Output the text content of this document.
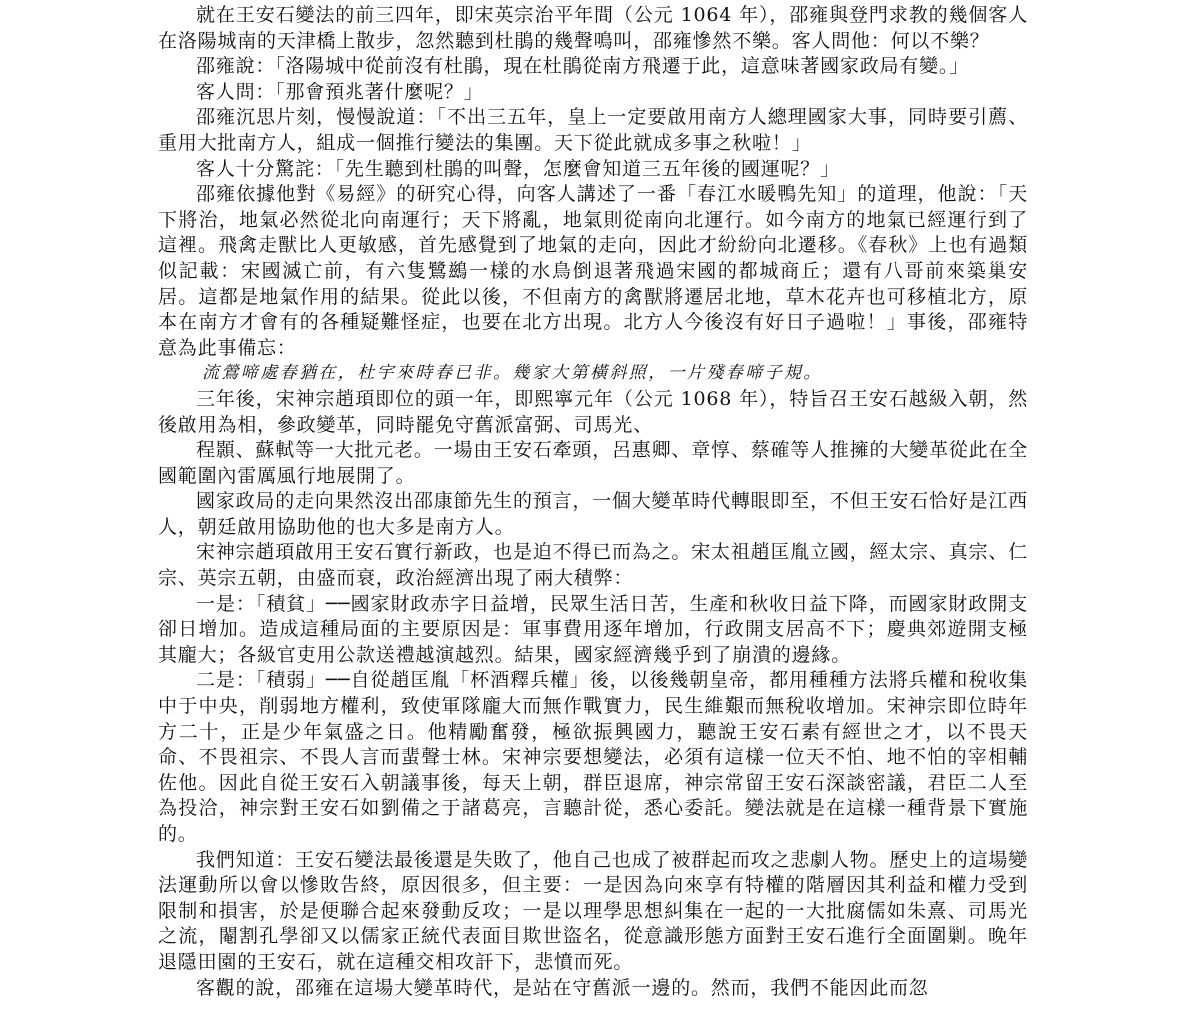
就在王安石變法的前三四年，即宋英宗治平年間（公元 1064 年），邵雍與登門求教的幾個客人在洛陽城南的天津橋上散步，忽然聽到杜鵑的幾聲鳴叫，邵雍慘然不樂。客人問他：何以不樂？

邵雍說：「洛陽城中從前沒有杜鵑，現在杜鵑從南方飛遷于此，這意味著國家政局有變。」

客人問：「那會預兆著什麼呢？」

邵雍沉思片刻，慢慢說道：「不出三五年，皇上一定要啟用南方人總理國家大事，同時要引薦、重用大批南方人，組成一個推行變法的集團。天下從此就成多事之秋啦！」

客人十分驚詫：「先生聽到杜鵑的叫聲，怎麼會知道三五年後的國運呢？」

邵雍依據他對《易經》的研究心得，向客人講述了一番「春江水暖鴨先知」的道理，他說：「天下將治，地氣必然從北向南運行；天下將亂，地氣則從南向北運行。如今南方的地氣已經運行到了這裡。飛禽走獸比人更敏感，首先感覺到了地氣的走向，因此才紛紛向北遷移。《春秋》上也有過類似記載：宋國滅亡前，有六隻鷺鷀一樣的水鳥倒退著飛過宋國的都城商丘；還有八哥前來築巢安居。這都是地氣作用的結果。從此以後，不但南方的禽獸將遷居北地，草木花卉也可移植北方，原本在南方才會有的各種疑難怪症，也要在北方出現。北方人今後沒有好日子過啦！」事後，邵雍特意為此事備忘：

流鶯啼處春猶在，杜宇來時春已非。幾家大第橫斜照，一片殘春啼子規。

三年後，宋神宗趙頊即位的頭一年，即熙寧元年（公元 1068 年），特旨召王安石越級入朝，然後啟用為相，參政變革，同時罷免守舊派富弼、司馬光、

程顥、蘇軾等一大批元老。一場由王安石牽頭，呂惠卿、章惇、蔡確等人推擁的大變革從此在全國範圍內雷厲風行地展開了。

國家政局的走向果然沒出邵康節先生的預言，一個大變革時代轉眼即至，不但王安石恰好是江西人，朝廷啟用協助他的也大多是南方人。

宋神宗趙頊啟用王安石實行新政，也是迫不得已而為之。宋太祖趙匡胤立國，經太宗、真宗、仁宗、英宗五朝，由盛而衰，政治經濟出現了兩大積弊：

一是：「積貧」──國家財政赤字日益增，民眾生活日苦，生產和秋收日益下降，而國家財政開支卻日增加。造成這種局面的主要原因是：軍事費用逐年增加，行政開支居高不下；慶典郊遊開支極其龐大；各級官吏用公款送禮越演越烈。結果，國家經濟幾乎到了崩潰的邊緣。

二是：「積弱」──自從趙匡胤「杯酒釋兵權」後，以後幾朝皇帝，都用種種方法將兵權和稅收集中于中央，削弱地方權利，致使軍隊龐大而無作戰實力，民生維艱而無稅收增加。宋神宗即位時年方二十，正是少年氣盛之日。他精勵奮發，極欲振興國力，聽說王安石素有經世之才，以不畏天命、不畏祖宗、不畏人言而蜚聲士林。宋神宗要想變法，必須有這樣一位天不怕、地不怕的宰相輔佐他。因此自從王安石入朝議事後，每天上朝，群臣退席，神宗常留王安石深談密議，君臣二人至為投洽，神宗對王安石如劉備之于諸葛亮，言聽計從，悉心委託。變法就是在這樣一種背景下實施的。

我們知道：王安石變法最後還是失敗了，他自己也成了被群起而攻之悲劇人物。歷史上的這場變法運動所以會以慘敗告終，原因很多，但主要：一是因為向來享有特權的階層因其利益和權力受到限制和損害，於是便聯合起來發動反攻；一是以理學思想糾集在一起的一大批腐儒如朱熹、司馬光之流，閹割孔學卻又以儒家正統代表面目欺世盜名，從意識形態方面對王安石進行全面圍剿。晚年退隱田園的王安石，就在這種交相攻訐下，悲憤而死。

客觀的說，邵雍在這場大變革時代，是站在守舊派一邊的。然而，我們不能因此而忽
